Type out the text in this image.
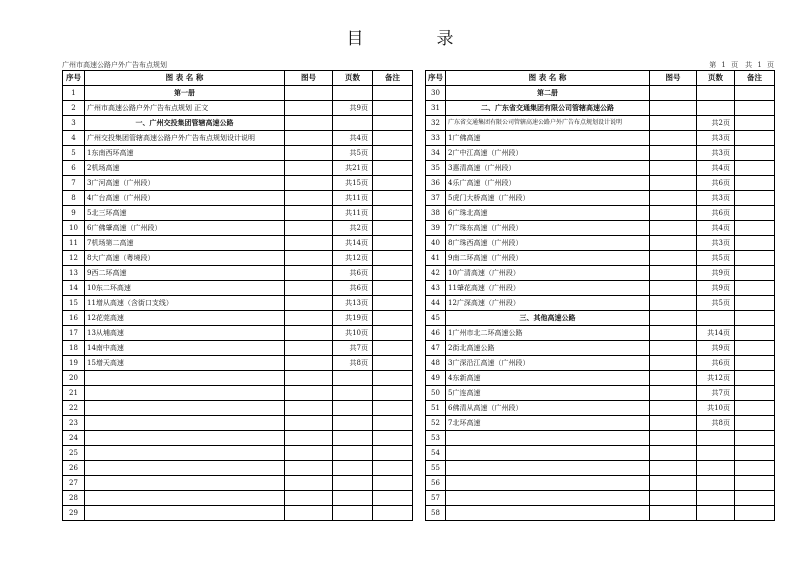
目　录
广州市高速公路户外广告布点规划	第 1 页　共 1 页
序号	图 表 名 称	图号	页数	备注
1	第一册			
2	广州市高速公路户外广告布点规划 正文		共9页	
3	一、广州交投集团管辖高速公路			
4	广州交投集团管辖高速公路户外广告布点规划设计说明		共4页	
5	1东南西环高速		共5页	
6	2机场高速		共21页	
7	3广河高速（广州段）		共15页	
8	4广台高速（广州段）		共11页	
9	5北三环高速		共11页	
10	6广佛肇高速（广州段）		共2页	
11	7机场第二高速		共14页	
12	8大广高速（粤境段）		共12页	
13	9西二环高速		共6页	
14	10东二环高速		共6页	
15	11增从高速（含街口支线）		共13页	
16	12花莞高速		共19页	
17	13从埔高速		共10页	
18	14南中高速		共7页	
19	15增天高速		共8页	
20				
21				
22				
23				
24				
25				
26				
27				
28				
29				
序号	图 表 名 称	图号	页数	备注
30	第二册			
31	二、广东省交通集团有限公司管辖高速公路			
32	广东省交通集团有限公司管辖高速公路户外广告布点规划设计说明		共2页	
33	1广佛高速		共3页	
34	2广中江高速（广州段）		共3页	
35	3惠清高速（广州段）		共4页	
36	4乐广高速（广州段）		共6页	
37	5虎门大桥高速（广州段）		共3页	
38	6广珠北高速		共6页	
39	7广珠东高速（广州段）		共4页	
40	8广珠西高速（广州段）		共3页	
41	9南二环高速（广州段）		共5页	
42	10广清高速（广州段）		共9页	
43	11肇花高速（广州段）		共9页	
44	12广深高速（广州段）		共5页	
45	三、其他高速公路			
46	1广州市北二环高速公路		共14页	
47	2街北高速公路		共9页	
48	3广深沿江高速（广州段）		共6页	
49	4东新高速		共12页	
50	5广连高速		共7页	
51	6佛清从高速（广州段）		共10页	
52	7北环高速		共8页	
53				
54				
55				
56				
57				
58				
